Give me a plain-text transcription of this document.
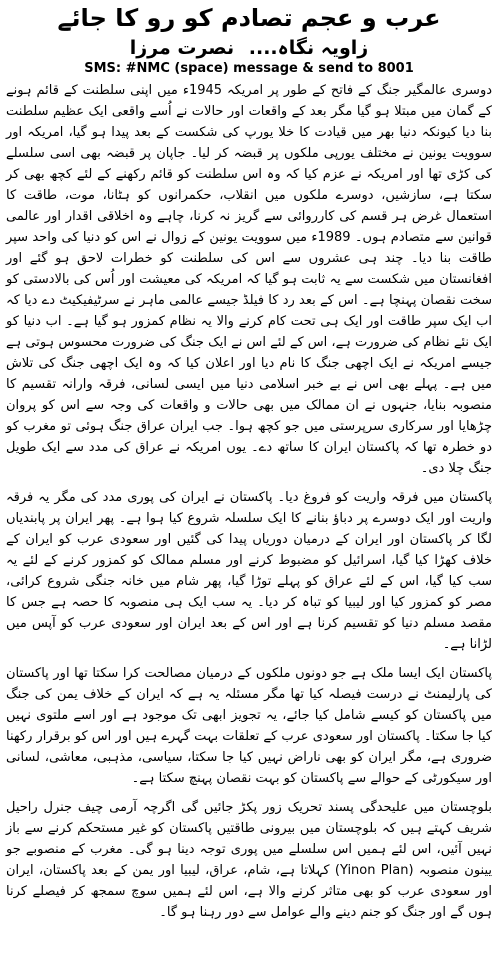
عرب و عجم تصادم کو رو کا جائے
زاویہ نگاہ.... نصرت مرزا
SMS: #NMC (space) message & send to 8001

دوسری عالمگیر جنگ کے فاتح کے طور پر امریکہ 1945ء میں اپنی سلطنت کے قائم ہونے کے گمان میں مبتلا ہو گیا مگر بعد کے واقعات اور حالات نے اُسے واقعی ایک عظیم سلطنت بنا دیا کیونکہ دنیا بھر میں قیادت کا خلا یورپ کی شکست کے بعد پیدا ہو گیا، امریکہ اور سوویت یونین نے مختلف یورپی ملکوں پر قبضہ کر لیا۔ جاپان پر قبضہ بھی اسی سلسلے کی کڑی تھا اور امریکہ نے عزم کیا کہ وہ اس سلطنت کو قائم رکھنے کے لئے کچھ بھی کر سکتا ہے، سازشیں، دوسرے ملکوں میں انقلاب، حکمرانوں کو ہٹانا، موت، طاقت کا استعمال غرض ہر قسم کی کارروائی سے گریز نہ کرنا، چاہے وہ اخلاقی اقدار اور عالمی قوانین سے متصادم ہوں۔ 1989ء میں سوویت یونین کے زوال نے اس کو دنیا کی واحد سپر طاقت بنا دیا۔ چند ہی عشروں سے اس کی سلطنت کو خطرات لاحق ہو گئے اور افغانستان میں شکست سے یہ ثابت ہو گیا کہ امریکہ کی معیشت اور اُس کی بالادستی کو سخت نقصان پہنچا ہے۔ اس کے بعد رد کا فیلڈ جیسے عالمی ماہر نے سرٹیفیکیٹ دے دیا کہ اب ایک سپر طاقت اور ایک ہی تحت کام کرنے والا یہ نظام کمزور ہو گیا ہے۔ اب دنیا کو ایک نئے نظام کی ضرورت ہے، اس کے لئے اس نے ایک جنگ کی ضرورت محسوس ہوتی ہے جیسے امریکہ نے ایک اچھی جنگ کا نام دیا اور اعلان کیا کہ وہ ایک اچھی جنگ کی تلاش میں ہے۔ پہلے بھی اس نے بے خبر اسلامی دنیا میں ایسی لسانی، فرقہ وارانہ تقسیم کا منصوبہ بنایا، جنہوں نے ان ممالک میں بھی حالات و واقعات کی وجہ سے اس کو پروان چڑھایا اور سرکاری سرپرستی میں جو کچھ ہوا۔ جب ایران عراق جنگ ہوئی تو مغرب کو دو خطرہ تھا کہ پاکستان ایران کا ساتھ دے۔ یوں امریکہ نے عراق کی مدد سے ایک طویل جنگ چلا دی۔

پاکستان میں فرقہ واریت کو فروغ دیا۔ پاکستان نے ایران کی پوری مدد کی مگر یہ فرقہ واریت اور ایک دوسرے پر دباؤ بنانے کا ایک سلسلہ شروع کیا ہوا ہے۔ پھر ایران پر پابندیاں لگا کر پاکستان اور ایران کے درمیان دوریاں پیدا کی گئیں اور سعودی عرب کو ایران کے خلاف کھڑا کیا گیا، اسرائیل کو مضبوط کرنے اور مسلم ممالک کو کمزور کرنے کے لئے یہ سب کیا گیا، اس کے لئے عراق کو پہلے توڑا گیا، پھر شام میں خانہ جنگی شروع کرائی، مصر کو کمزور کیا اور لیبیا کو تباہ کر دیا۔ یہ سب ایک ہی منصوبہ کا حصہ ہے جس کا مقصد مسلم دنیا کو تقسیم کرنا ہے اور اس کے بعد ایران اور سعودی عرب کو آپس میں لڑانا ہے۔

پاکستان ایک ایسا ملک ہے جو دونوں ملکوں کے درمیان مصالحت کرا سکتا تھا اور پاکستان کی پارلیمنٹ نے درست فیصلہ کیا تھا مگر مسئلہ یہ ہے کہ ایران کے خلاف یمن کی جنگ میں پاکستان کو کیسے شامل کیا جائے، یہ تجویز ابھی تک موجود ہے اور اسے ملتوی نہیں کیا جا سکتا۔ پاکستان اور سعودی عرب کے تعلقات بہت گہرے ہیں اور اس کو برقرار رکھنا ضروری ہے، مگر ایران کو بھی ناراض نہیں کیا جا سکتا، سیاسی، مذہبی، معاشی، لسانی اور سیکورٹی کے حوالے سے پاکستان کو بہت نقصان پہنچ سکتا ہے۔

بلوچستان میں علیحدگی پسند تحریک زور پکڑ جائیں گی اگرچہ آرمی چیف جنرل راحیل شریف کہتے ہیں کہ بلوچستان میں بیرونی طاقتیں پاکستان کو غیر مستحکم کرنے سے باز نہیں آئیں، اس لئے ہمیں اس سلسلے میں پوری توجہ دینا ہو گی۔ مغرب کے منصوبے جو یینون منصوبہ (Yinon Plan) کہلاتا ہے، شام، عراق، لیبیا اور یمن کے بعد پاکستان، ایران اور سعودی عرب کو بھی متاثر کرنے والا ہے، اس لئے ہمیں سوچ سمجھ کر فیصلے کرنا ہوں گے اور جنگ کو جنم دینے والے عوامل سے دور رہنا ہو گا۔
